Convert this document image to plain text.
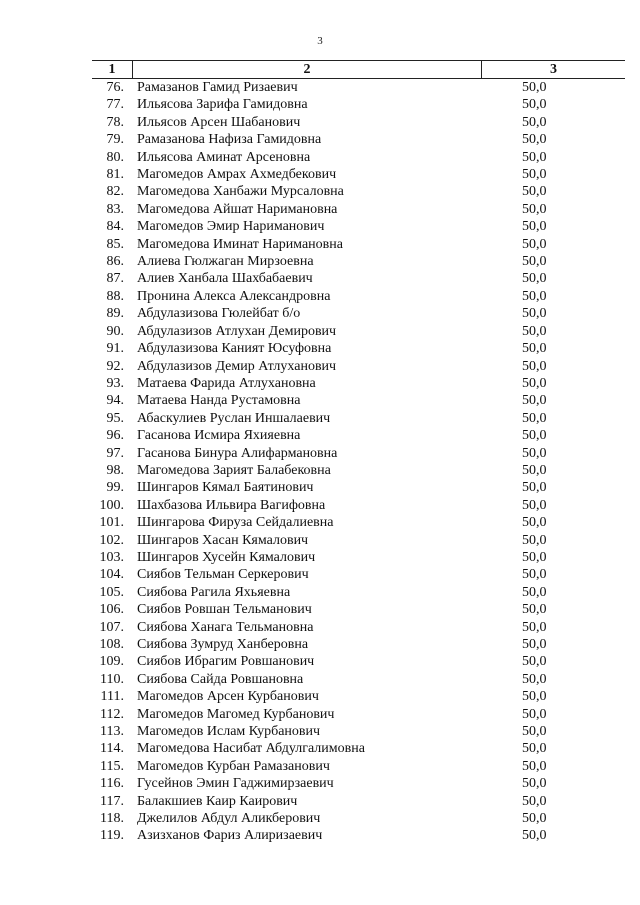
3
1	2	3
76. Рамазанов Гамид Ризаевич	50,0
77. Ильясова Зарифа Гамидовна	50,0
78. Ильясов Арсен Шабанович	50,0
79. Рамазанова Нафиза Гамидовна	50,0
80. Ильясова Аминат Арсеновна	50,0
81. Магомедов Амрах Ахмедбекович	50,0
82. Магомедова Ханбажи Мурсаловна	50,0
83. Магомедова Айшат Наримановна	50,0
84. Магомедов Эмир Нариманович	50,0
85. Магомедова Иминат Наримановна	50,0
86. Алиева Гюлжаган Мирзоевна	50,0
87. Алиев Ханбала Шахбабаевич	50,0
88. Пронина Алекса Александровна	50,0
89. Абдулазизова Гюлейбат б/о	50,0
90. Абдулазизов Атлухан Демирович	50,0
91. Абдулазизова Каният Юсуфовна	50,0
92. Абдулазизов Демир Атлуханович	50,0
93. Матаева Фарида Атлухановна	50,0
94. Матаева Нанда Рустамовна	50,0
95. Абаскулиев Руслан Иншалаевич	50,0
96. Гасанова Исмира Яхияевна	50,0
97. Гасанова Бинура Алифармановна	50,0
98. Магомедова Зарият Балабековна	50,0
99. Шингаров Кямал Баятинович	50,0
100. Шахбазова Ильвира Вагифовна	50,0
101. Шингарова Фируза Сейдалиевна	50,0
102. Шингаров Хасан Кямалович	50,0
103. Шингаров Хусейн Кямалович	50,0
104. Сиябов Тельман Серкерович	50,0
105. Сиябова Рагила Яхьяевна	50,0
106. Сиябов Ровшан Тельманович	50,0
107. Сиябова Ханага Тельмановна	50,0
108. Сиябова Зумруд Ханберовна	50,0
109. Сиябов Ибрагим Ровшанович	50,0
110. Сиябова Сайда Ровшановна	50,0
111. Магомедов Арсен Курбанович	50,0
112. Магомедов Магомед Курбанович	50,0
113. Магомедов Ислам Курбанович	50,0
114. Магомедова Насибат Абдулгалимовна	50,0
115. Магомедов Курбан Рамазанович	50,0
116. Гусейнов Эмин Гаджимирзаевич	50,0
117. Балакшиев Каир Каирович	50,0
118. Джелилов Абдул Аликберович	50,0
119. Азизханов Фариз Алиризаевич	50,0
